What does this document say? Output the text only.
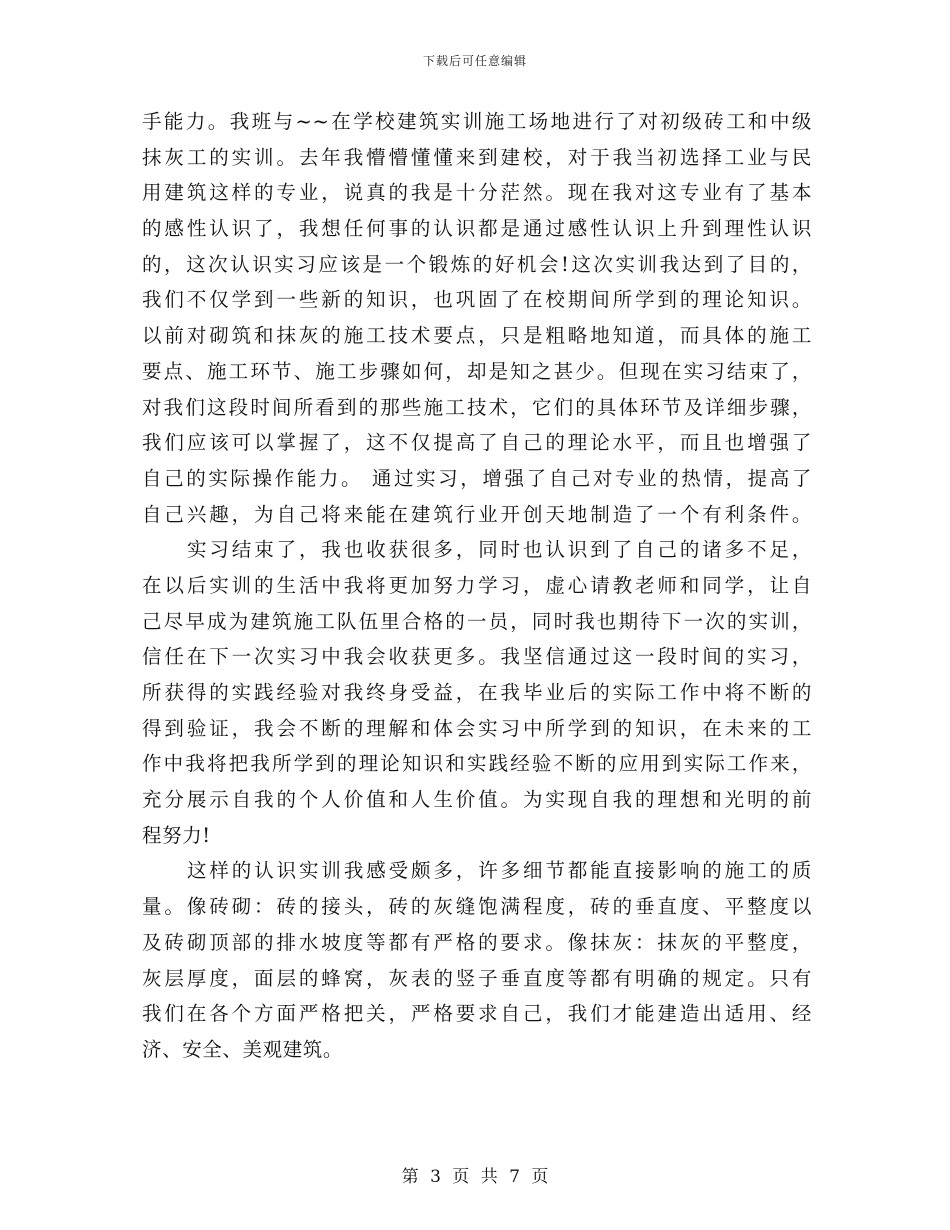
下载后可任意编辑
手能力。我班与~~在学校建筑实训施工场地进行了对初级砖工和中级
抹灰工的实训。去年我懵懵懂懂来到建校，对于我当初选择工业与民
用建筑这样的专业，说真的我是十分茫然。现在我对这专业有了基本
的感性认识了，我想任何事的认识都是通过感性认识上升到理性认识
的，这次认识实习应该是一个锻炼的好机会!这次实训我达到了目的，
我们不仅学到一些新的知识，也巩固了在校期间所学到的理论知识。
以前对砌筑和抹灰的施工技术要点，只是粗略地知道，而具体的施工
要点、施工环节、施工步骤如何，却是知之甚少。但现在实习结束了，
对我们这段时间所看到的那些施工技术，它们的具体环节及详细步骤，
我们应该可以掌握了，这不仅提高了自己的理论水平，而且也增强了
自己的实际操作能力。 通过实习，增强了自己对专业的热情，提高了
自己兴趣，为自己将来能在建筑行业开创天地制造了一个有利条件。
实习结束了，我也收获很多，同时也认识到了自己的诸多不足，
在以后实训的生活中我将更加努力学习，虚心请教老师和同学，让自
己尽早成为建筑施工队伍里合格的一员，同时我也期待下一次的实训，
信任在下一次实习中我会收获更多。我坚信通过这一段时间的实习，
所获得的实践经验对我终身受益，在我毕业后的实际工作中将不断的
得到验证，我会不断的理解和体会实习中所学到的知识，在未来的工
作中我将把我所学到的理论知识和实践经验不断的应用到实际工作来，
充分展示自我的个人价值和人生价值。为实现自我的理想和光明的前
程努力!
这样的认识实训我感受颇多，许多细节都能直接影响的施工的质
量。像砖砌：砖的接头，砖的灰缝饱满程度，砖的垂直度、平整度以
及砖砌顶部的排水坡度等都有严格的要求。像抹灰：抹灰的平整度，
灰层厚度，面层的蜂窝，灰表的竖子垂直度等都有明确的规定。只有
我们在各个方面严格把关，严格要求自己，我们才能建造出适用、经
济、安全、美观建筑。
第 3 页 共 7 页
